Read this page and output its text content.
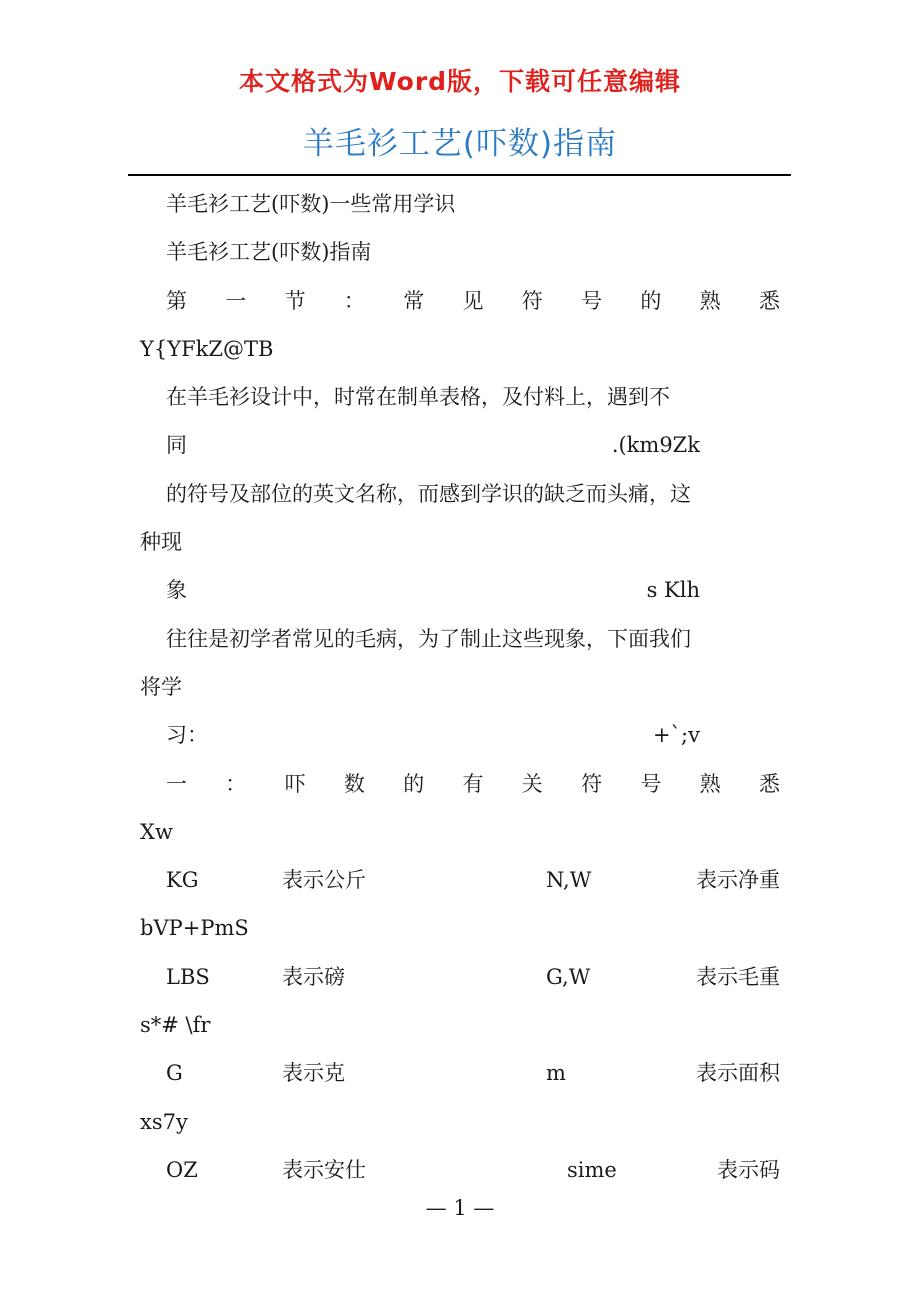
本文格式为Word版，下载可任意编辑
羊毛衫工艺(吓数)指南
羊毛衫工艺(吓数)一些常用学识
羊毛衫工艺(吓数)指南
第 一 节 ： 常 见 符 号 的 熟 悉
Y{YFkZ@TB
在羊毛衫设计中，时常在制单表格，及付料上，遇到不
同	.(km9Zk
的符号及部位的英文名称，而感到学识的缺乏而头痛，这
种现
象	s Klh
往往是初学者常见的毛病，为了制止这些现象，下面我们
将学
习：	+`;v
一 ： 吓 数 的 有 关 符 号 熟 悉
Xw
KG	表示公斤	N,W	表示净重
bVP+PmS
LBS	表示磅	G,W	表示毛重
s*# \fr
G	表示克	m	表示面积
xs7y
OZ	表示安仕	sime	表示码
— 1 —
